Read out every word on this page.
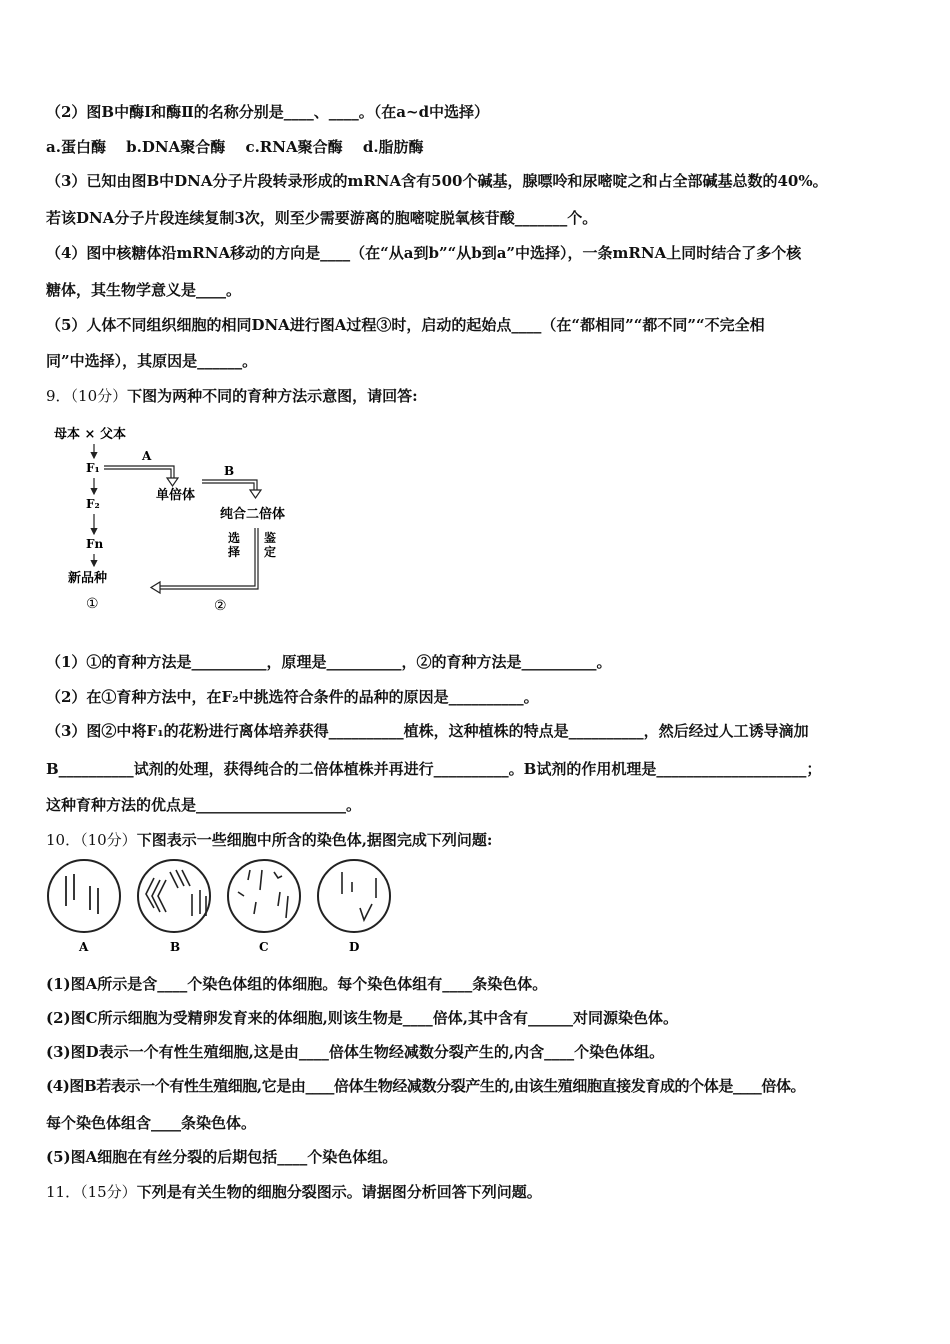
（2）图B中酶Ⅰ和酶Ⅱ的名称分别是____、____。（在a~d中选择）
a.蛋白酶　 b.DNA聚合酶　 c.RNA聚合酶　 d.脂肪酶
（3）已知由图B中DNA分子片段转录形成的mRNA含有500个碱基，腺嘌呤和尿嘧啶之和占全部碱基总数的40%。
若该DNA分子片段连续复制3次，则至少需要游离的胞嘧啶脱氧核苷酸_______个。
（4）图中核糖体沿mRNA移动的方向是____（在“从a到b”“从b到a”中选择），一条mRNA上同时结合了多个核
糖体，其生物学意义是____。
（5）人体不同组织细胞的相同DNA进行图A过程③时，启动的起始点____（在“都相同”“都不同”“不完全相
同”中选择），其原因是______。
9．（10分）下图为两种不同的育种方法示意图，请回答:
母本 × 父本
F₁
F₂
Fn
新品种
①
A
单倍体
B
纯合二倍体
选
择
鉴
定
②
（1）①的育种方法是__________，原理是__________，②的育种方法是__________。
（2）在①育种方法中，在F₂中挑选符合条件的品种的原因是__________。
（3）图②中将F₁的花粉进行离体培养获得__________植株，这种植株的特点是__________，然后经过人工诱导滴加
B__________试剂的处理，获得纯合的二倍体植株并再进行__________。B试剂的作用机理是____________________；
这种育种方法的优点是____________________。
10．（10分）下图表示一些细胞中所含的染色体,据图完成下列问题:
A	B	C	D
(1)图A所示是含____个染色体组的体细胞。每个染色体组有____条染色体。
(2)图C所示细胞为受精卵发育来的体细胞,则该生物是____倍体,其中含有______对同源染色体。
(3)图D表示一个有性生殖细胞,这是由____倍体生物经减数分裂产生的,内含____个染色体组。
(4)图B若表示一个有性生殖细胞,它是由____倍体生物经减数分裂产生的,由该生殖细胞直接发育成的个体是____倍体。
每个染色体组含____条染色体。
(5)图A细胞在有丝分裂的后期包括____个染色体组。
11．（15分）下列是有关生物的细胞分裂图示。请据图分析回答下列问题。
